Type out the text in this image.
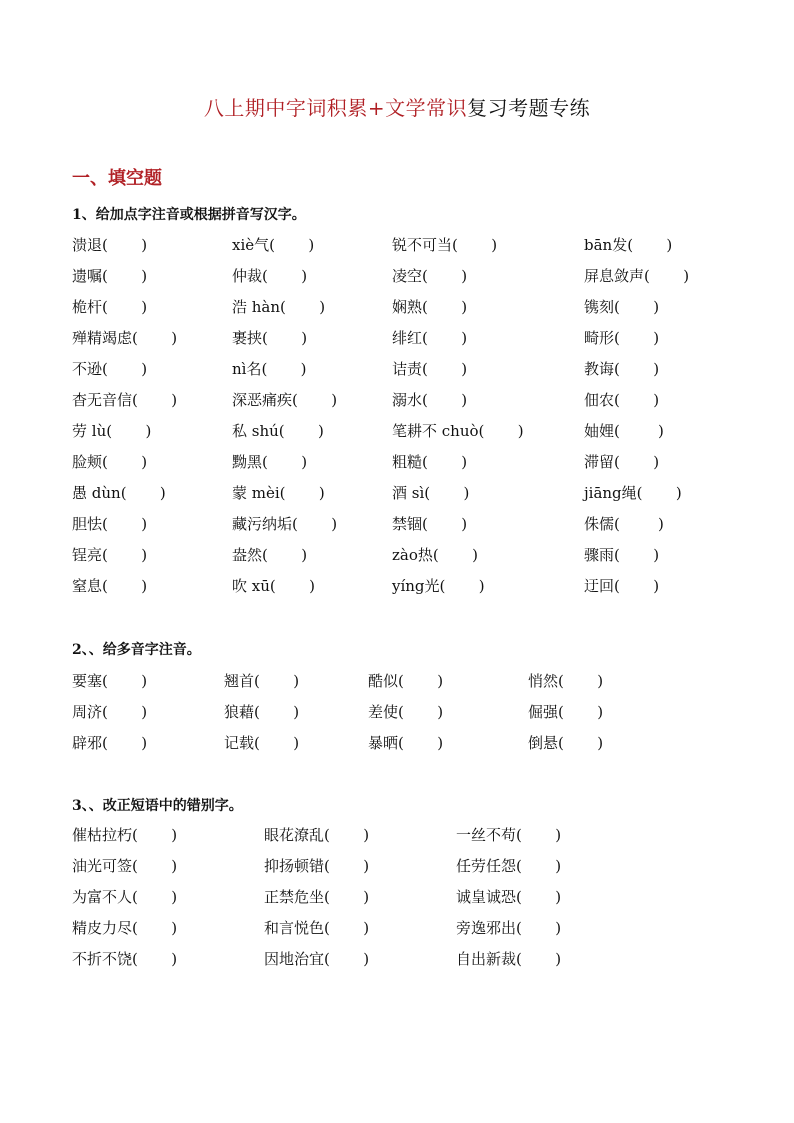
八上期中字词积累+文学常识复习考题专练
一、填空题
1、给加点字注音或根据拼音写汉字。
溃退(       )	xiè气(       )	锐不可当(       )	bān发(       )
遗嘱(       )	仲裁(       )	凌空(       )	屏息敛声(       )
桅杆(       )	浩 hàn(       )	娴熟(       )	镌刻(       )
殚精竭虑(       )	裹挟(       )	绯红(       )	畸形(       )
不逊(       )	nì名(       )	诘责(       )	教诲(       )
杳无音信(       )	深恶痛疾(       )	溺水(       )	佃农(       )
劳 lù(       )	私 shú(       )	笔耕不 chuò(       )	妯娌(        )
脸颊(       )	黝黑(       )	粗糙(       )	滞留(       )
愚 dùn(       )	蒙 mèi(       )	酒 sì(       )	jiāng绳(       )
胆怯(       )	藏污纳垢(       )	禁锢(       )	侏儒(        )
锃亮(       )	盎然(       )	zào热(       )	骤雨(       )
窒息(       )	吹 xū(       )	yíng光(       )	迂回(       )
2、、给多音字注音。
要塞(       )	翘首(       )	酷似(       )	悄然(       )
周济(       )	狼藉(       )	差使(       )	倔强(       )
辟邪(       )	记载(       )	暴晒(       )	倒悬(       )
3、、改正短语中的错别字。
催枯拉朽(       )	眼花潦乱(       )	一丝不苟(       )
油光可签(       )	抑扬顿错(       )	任劳任怨(       )
为富不人(       )	正禁危坐(       )	诚皇诚恐(       )
精皮力尽(       )	和言悦色(       )	旁逸邪出(       )
不折不饶(       )	因地治宜(       )	自出新裁(       )
